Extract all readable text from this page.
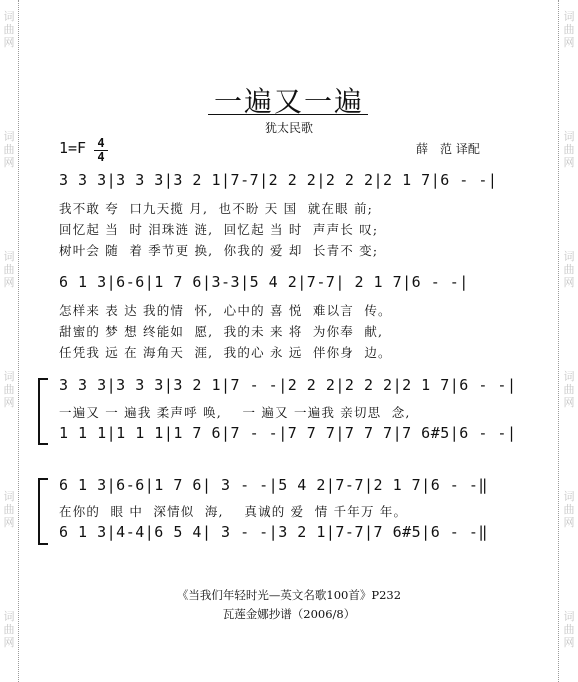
词曲网
词曲网
词曲网
词曲网
词曲网
词曲网
词曲网
词曲网
词曲网
词曲网
词曲网
词曲网
一遍又一遍
犹太民歌
1=F 4
4
薛　范 译配
3 3 3|3 3 3|3 2 1|7-7|2 2 2|2 2 2|2 1 7|6 - -|
我不敢 夸  口九天揽 月,  也不盼 天 国  就在眼 前;
回忆起 当  时 泪珠涟 涟,  回忆起 当 时  声声长 叹;
树叶会 随  着 季节更 换,  你我的 爱 却  长青不 变;
6 1 3|6-6|1 7 6|3-3|5 4 2|7-7| 2 1 7|6 - -|
怎样来 表 达 我的情  怀,  心中的 喜 悦  难以言  传。
甜蜜的 梦 想 终能如  愿,  我的未 来 将  为你奉  献,
任凭我 远 在 海角天  涯,  我的心 永 远  伴你身  边。
3 3 3|3 3 3|3 2 1|7 - -|2 2 2|2 2 2|2 1 7|6 - -|
一遍又 一 遍我 柔声呼 唤,    一 遍又 一遍我 亲切思  念,
1 1 1|1 1 1|1 7 6|7 - -|7 7 7|7 7 7|7 6#5|6 - -|
6 1 3|6-6|1 7 6| 3 - -|5 4 2|7-7|2 1 7|6 - -‖
在你的  眼 中  深情似  海,    真诚的 爱  情 千年万 年。
6 1 3|4-4|6 5 4| 3 - -|3 2 1|7-7|7 6#5|6 - -‖
《当我们年轻时光—英文名歌100首》P232
瓦莲金娜抄谱（2006/8）
